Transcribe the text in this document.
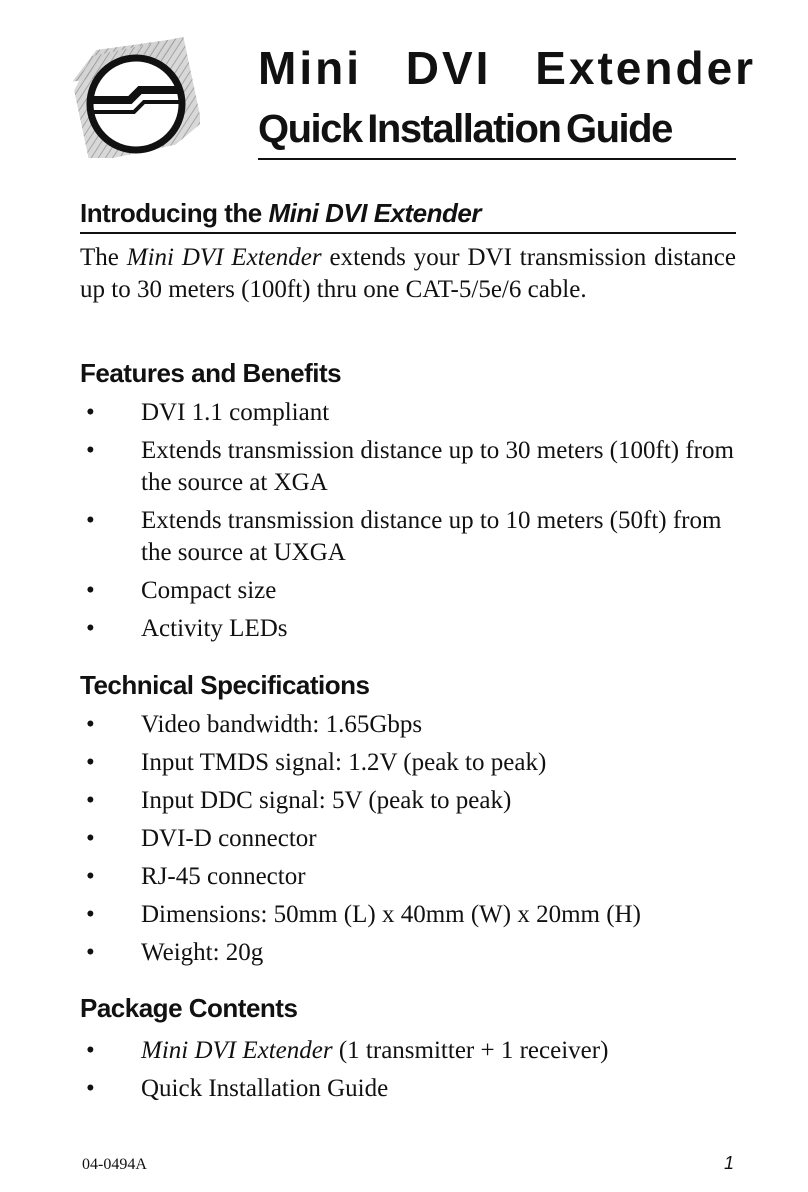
Mini DVI Extender
Quick Installation Guide
Introducing the Mini DVI Extender
The Mini DVI Extender extends your DVI transmission distance up to 30 meters (100ft) thru one CAT-5/5e/6 cable.
Features and Benefits
• DVI 1.1 compliant
• Extends transmission distance up to 30 meters (100ft) from the source at XGA
• Extends transmission distance up to 10 meters (50ft) from the source at UXGA
• Compact size
• Activity LEDs
Technical Specifications
• Video bandwidth: 1.65Gbps
• Input TMDS signal: 1.2V (peak to peak)
• Input DDC signal: 5V (peak to peak)
• DVI-D connector
• RJ-45 connector
• Dimensions: 50mm (L) x 40mm (W) x 20mm (H)
• Weight: 20g
Package Contents
• Mini DVI Extender (1 transmitter + 1 receiver)
• Quick Installation Guide
04-0494A	1
